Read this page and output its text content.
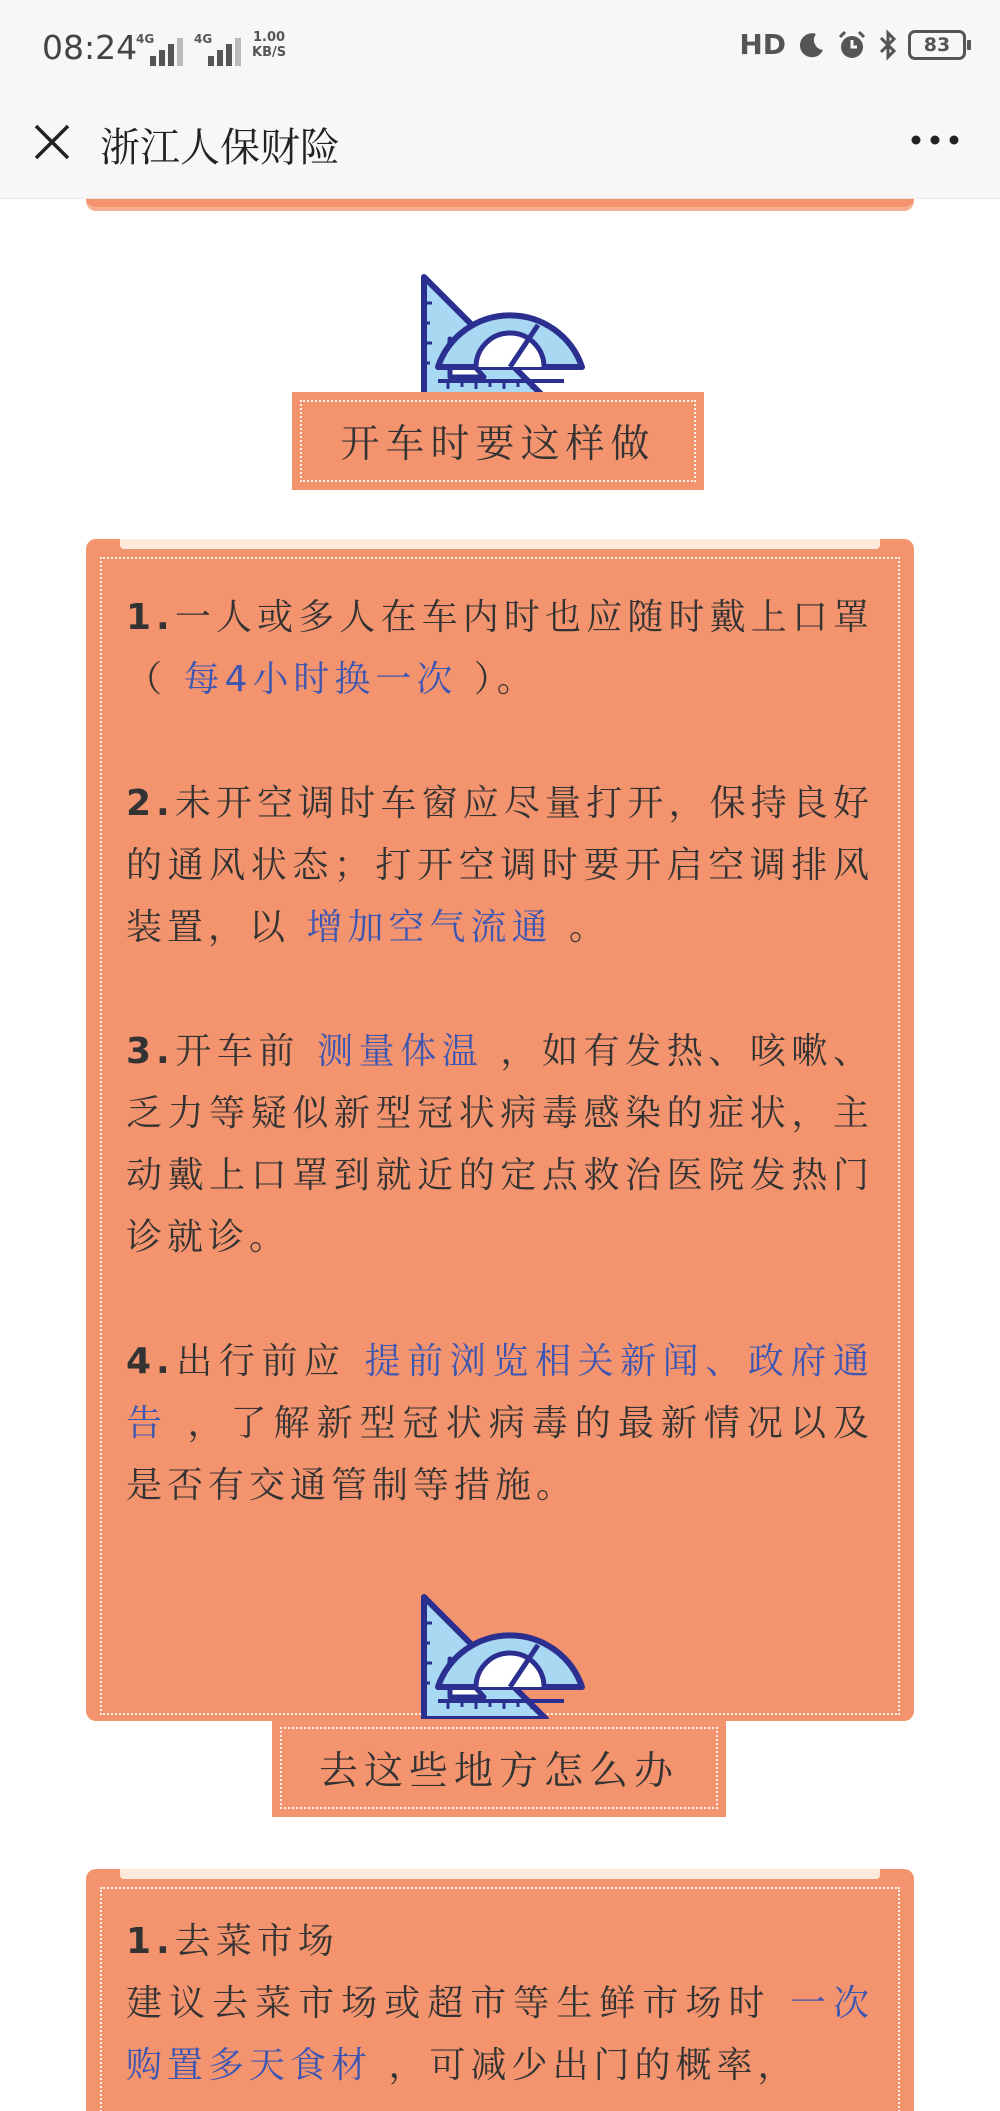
08:24
4G	4G	1.00
KB/S	HD	83
浙江人保财险
开车时要这样做

1.一人或多人在车内时也应随时戴上口罩（ 每4小时换一次 ）。

2.未开空调时车窗应尽量打开，保持良好的通风状态；打开空调时要开启空调排风装置，以 增加空气流通 。

3.开车前 测量体温 ，如有发热、咳嗽、乏力等疑似新型冠状病毒感染的症状，主动戴上口罩到就近的定点救治医院发热门诊就诊。

4.出行前应 提前浏览相关新闻、政府通告 ，了解新型冠状病毒的最新情况以及是否有交通管制等措施。

去这些地方怎么办
1.去菜市场
建议去菜市场或超市等生鲜市场时 一次购置多天食材 ，可减少出门的概率，
